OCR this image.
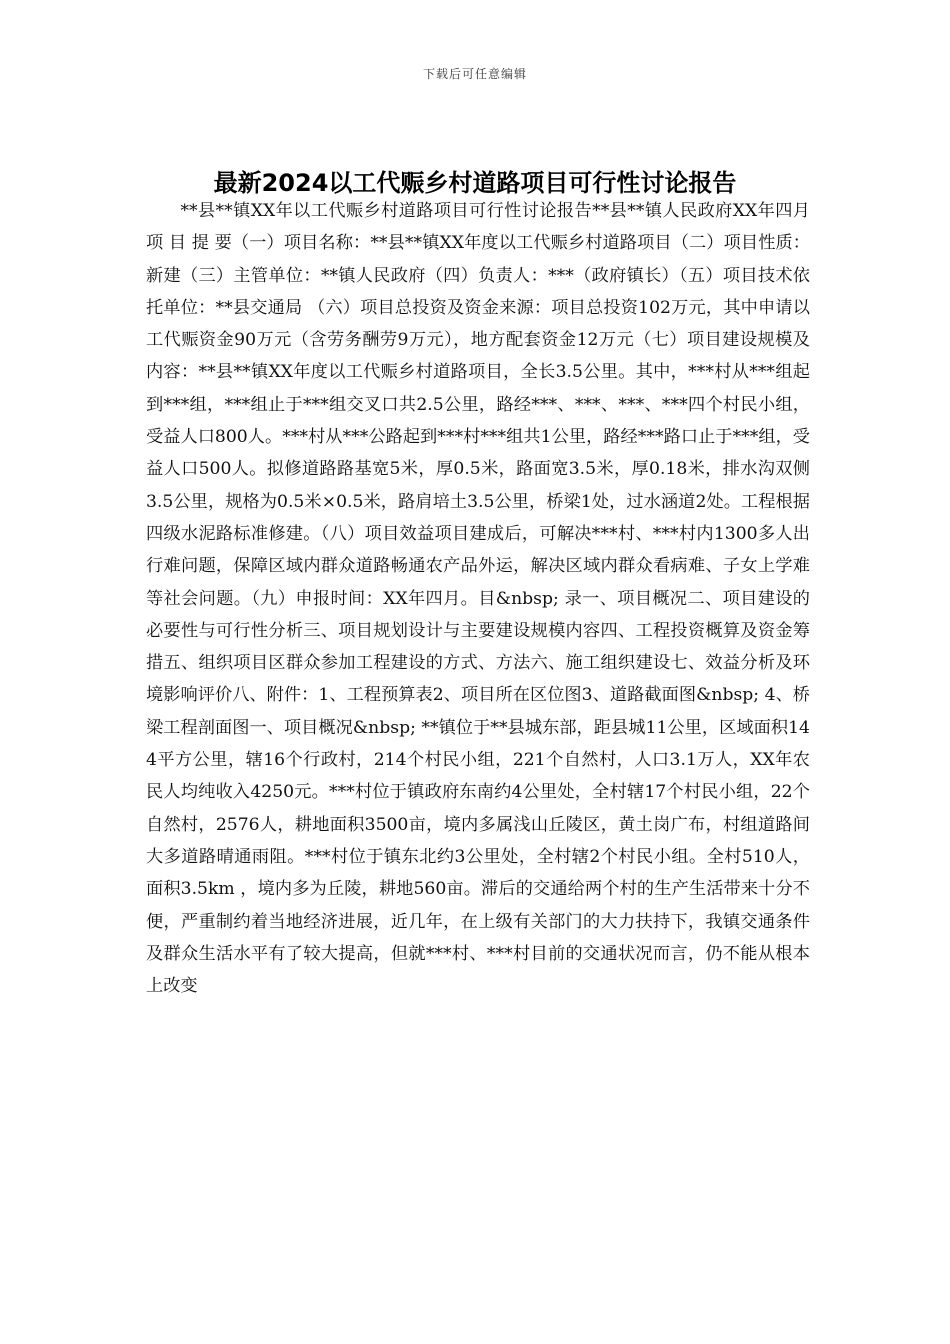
下载后可任意编辑
最新2024以工代赈乡村道路项目可行性讨论报告

**县**镇XX年以工代赈乡村道路项目可行性讨论报告**县**镇人民政府XX年四月项 目 提 要（一）项目名称：**县**镇XX年度以工代赈乡村道路项目（二）项目性质：新建（三）主管单位：**镇人民政府（四）负责人：***（政府镇长）（五）项目技术依托单位：**县交通局 （六）项目总投资及资金来源：项目总投资102万元，其中申请以工代赈资金90万元（含劳务酬劳9万元），地方配套资金12万元（七）项目建设规模及内容：**县**镇XX年度以工代赈乡村道路项目，全长3.5公里。其中，***村从***组起到***组，***组止于***组交叉口共2.5公里，路经***、***、***、***四个村民小组，受益人口800人。***村从***公路起到***村***组共1公里，路经***路口止于***组，受益人口500人。拟修道路路基宽5米，厚0.5米，路面宽3.5米，厚0.18米，排水沟双侧3.5公里，规格为0.5米×0.5米，路肩培土3.5公里，桥梁1处，过水涵道2处。工程根据四级水泥路标准修建。（八）项目效益项目建成后，可解决***村、***村内1300多人出行难问题，保障区域内群众道路畅通农产品外运，解决区域内群众看病难、子女上学难等社会问题。（九）申报时间：XX年四月。目&nbsp; 录一、项目概况二、项目建设的必要性与可行性分析三、项目规划设计与主要建设规模内容四、工程投资概算及资金筹措五、组织项目区群众参加工程建设的方式、方法六、施工组织建设七、效益分析及环境影响评价八、附件：1、工程预算表2、项目所在区位图3、道路截面图&nbsp; 4、桥梁工程剖面图一、项目概况&nbsp; **镇位于**县城东部，距县城11公里，区域面积144平方公里，辖16个行政村，214个村民小组，221个自然村，人口3.1万人，XX年农民人均纯收入4250元。***村位于镇政府东南约4公里处，全村辖17个村民小组，22个自然村，2576人，耕地面积3500亩，境内多属浅山丘陵区，黄土岗广布，村组道路间大多道路晴通雨阻。***村位于镇东北约3公里处，全村辖2个村民小组。全村510人，面积3.5km ，境内多为丘陵，耕地560亩。滞后的交通给两个村的生产生活带来十分不便，严重制约着当地经济进展，近几年，在上级有关部门的大力扶持下，我镇交通条件及群众生活水平有了较大提高，但就***村、***村目前的交通状况而言，仍不能从根本上改变
